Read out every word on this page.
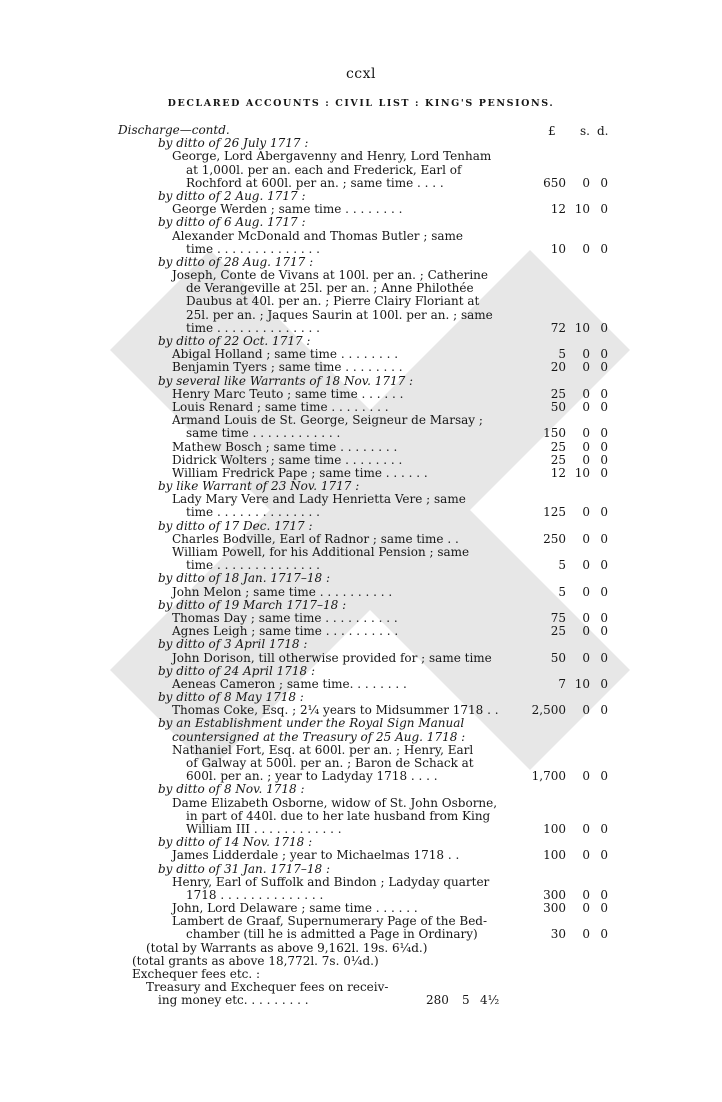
ccxl
DECLARED ACCOUNTS : CIVIL LIST : KING'S PENSIONS.
£ s. d.
Discharge—contd.
by ditto of 26 July 1717 :
George, Lord Abergavenny and Henry, Lord Tenham
at 1,000l. per an. each and Frederick, Earl of
Rochford at 600l. per an. ; same time . . . .	650	0 0
by ditto of 2 Aug. 1717 :
George Werden ; same time . . . . . . . .	12 10 0
by ditto of 6 Aug. 1717 :
Alexander McDonald and Thomas Butler ; same
time . . . . . . . . . . . . . .	10	0 0
by ditto of 28 Aug. 1717 :
Joseph, Conte de Vivans at 100l. per an. ; Catherine
de Verangeville at 25l. per an. ; Anne Philothée
Daubus at 40l. per an. ; Pierre Clairy Floriant at
25l. per an. ; Jaques Saurin at 100l. per an. ; same
time . . . . . . . . . . . . . .	72 10 0
by ditto of 22 Oct. 1717 :
Abigal Holland ; same time . . . . . . . .	5	0 0
Benjamin Tyers ; same time . . . . . . . .	20	0 0
by several like Warrants of 18 Nov. 1717 :
Henry Marc Teuto ; same time . . . . . .	25	0 0
Louis Renard ; same time . . . . . . . .	50	0 0
Armand Louis de St. George, Seigneur de Marsay ;
same time . . . . . . . . . . . .	150	0 0
Mathew Bosch ; same time . . . . . . . .	25	0 0
Didrick Wolters ; same time . . . . . . . .	25	0 0
William Fredrick Pape ; same time . . . . . .	12 10 0
by like Warrant of 23 Nov. 1717 :
Lady Mary Vere and Lady Henrietta Vere ; same
time . . . . . . . . . . . . . .	125	0 0
by ditto of 17 Dec. 1717 :
Charles Bodville, Earl of Radnor ; same time . .	250	0 0
William Powell, for his Additional Pension ; same
time . . . . . . . . . . . . . .	5	0 0
by ditto of 18 Jan. 1717–18 :
John Melon ; same time . . . . . . . . . .	5	0 0
by ditto of 19 March 1717–18 :
Thomas Day ; same time . . . . . . . . . .	75	0 0
Agnes Leigh ; same time . . . . . . . . . .	25	0 0
by ditto of 3 April 1718 :
John Dorison, till otherwise provided for ; same time	50	0 0
by ditto of 24 April 1718 :
Aeneas Cameron ; same time. . . . . . . .	7 10 0
by ditto of 8 May 1718 :
Thomas Coke, Esq. ; 2¼ years to Midsummer 1718 . .	2,500	0 0
by an Establishment under the Royal Sign Manual
countersigned at the Treasury of 25 Aug. 1718 :
Nathaniel Fort, Esq. at 600l. per an. ; Henry, Earl
of Galway at 500l. per an. ; Baron de Schack at
600l. per an. ; year to Ladyday 1718 . . . .	1,700	0 0
by ditto of 8 Nov. 1718 :
Dame Elizabeth Osborne, widow of St. John Osborne,
in part of 440l. due to her late husband from King
William III . . . . . . . . . . . .	100	0 0
by ditto of 14 Nov. 1718 :
James Lidderdale ; year to Michaelmas 1718 . .	100	0 0
by ditto of 31 Jan. 1717–18 :
Henry, Earl of Suffolk and Bindon ; Ladyday quarter
1718 . . . . . . . . . . . . . .	300	0 0
John, Lord Delaware ; same time . . . . . .	300	0 0
Lambert de Graaf, Supernumerary Page of the Bed-
chamber (till he is admitted a Page in Ordinary)	30	0 0
(total by Warrants as above 9,162l. 19s. 6¼d.)
(total grants as above 18,772l. 7s. 0¼d.)
Exchequer fees etc. :
Treasury and Exchequer fees on receiv-
ing money etc. . . . . . . . .	280 5 4½
